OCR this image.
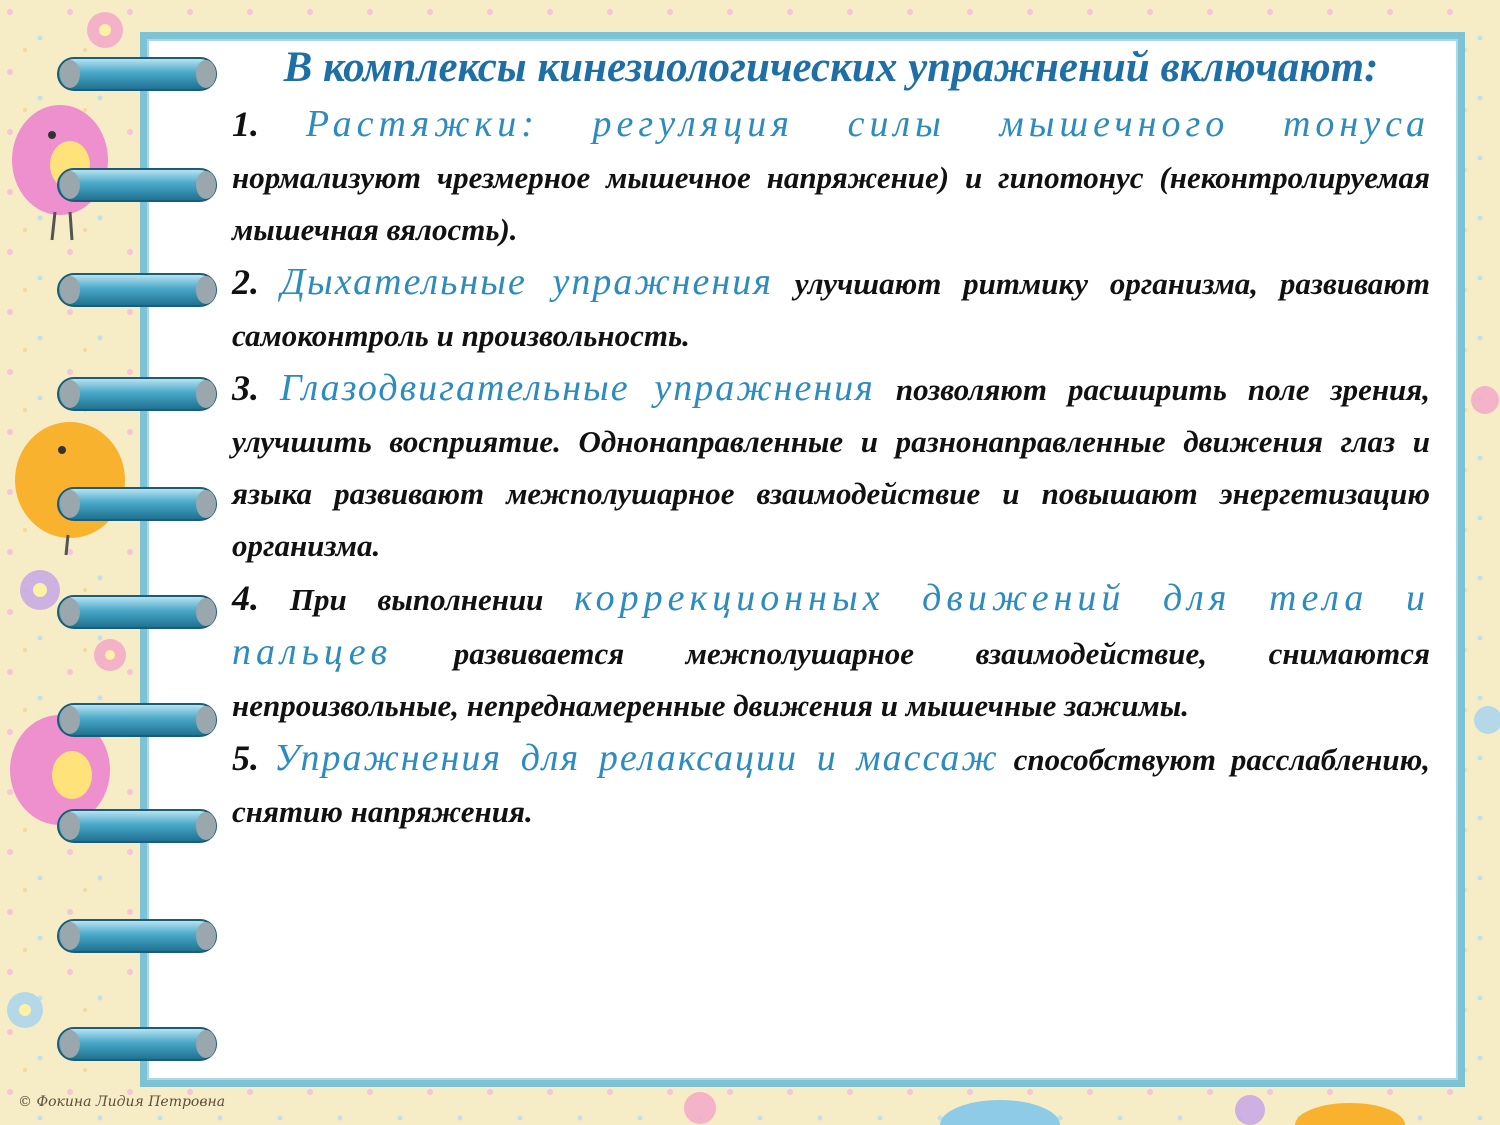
В комплексы кинезиологических упражнений включают:

1. Растяжки: регуляция силы мышечного тонуса нормализуют чрезмерное мышечное напряжение) и гипотонус (неконтролируемая мышечная вялость).

2. Дыхательные упражнения улучшают ритмику организма, развивают самоконтроль и произвольность.

3. Глазодвигательные упражнения позволяют расширить поле зрения, улучшить восприятие. Однонаправленные и разнонаправленные движения глаз и языка развивают межполушарное взаимодействие и повышают энергетизацию организма.

4. При выполнении коррекционных движений для тела и пальцев развивается межполушарное взаимодействие, снимаются непроизвольные, непреднамеренные движения и мышечные зажимы.

5. Упражнения для релаксации и массаж способствуют расслаблению, снятию напряжения.

© Фокина Лидия Петровна
